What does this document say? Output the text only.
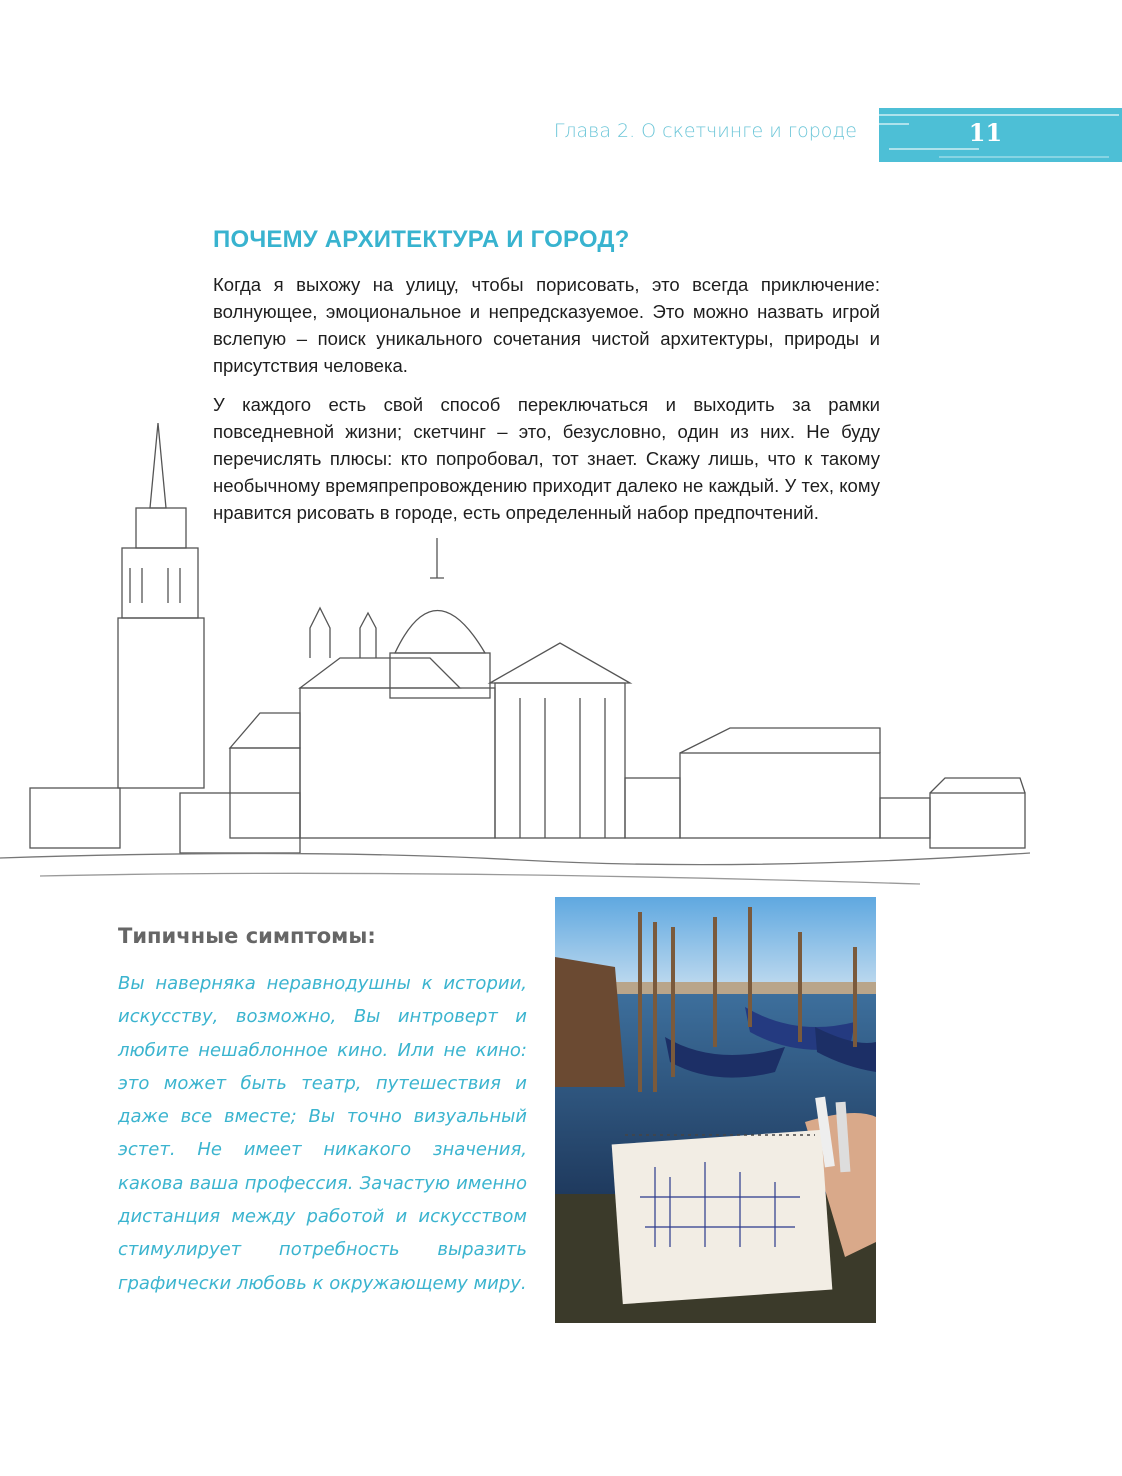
Глава 2. О скетчинге и городе	11
ПОЧЕМУ АРХИТЕКТУРА И ГОРОД?

Когда я выхожу на улицу, чтобы порисовать, это всегда приключение: волнующее, эмоциональное и непредсказуемое. Это можно назвать игрой вслепую – поиск уникального сочетания чистой архитектуры, природы и присутствия человека.

У каждого есть свой способ переключаться и выходить за рамки повседневной жизни; скетчинг – это, безусловно, один из них. Не буду перечислять плюсы: кто попробовал, тот знает. Скажу лишь, что к такому необычному времяпрепровождению приходит далеко не каждый. У тех, кому нравится рисовать в городе, есть определенный набор предпочтений.

Типичные симптомы:
Вы наверняка неравнодушны к истории, искусству, возможно, Вы интроверт и любите нешаблонное кино. Или не кино: это может быть театр, путешествия и даже все вместе; Вы точно визуальный эстет. Не имеет никакого значения, какова ваша профессия. Зачастую именно дистанция между работой и искусством стимулирует потребность выразить графически любовь к окружающему миру.
